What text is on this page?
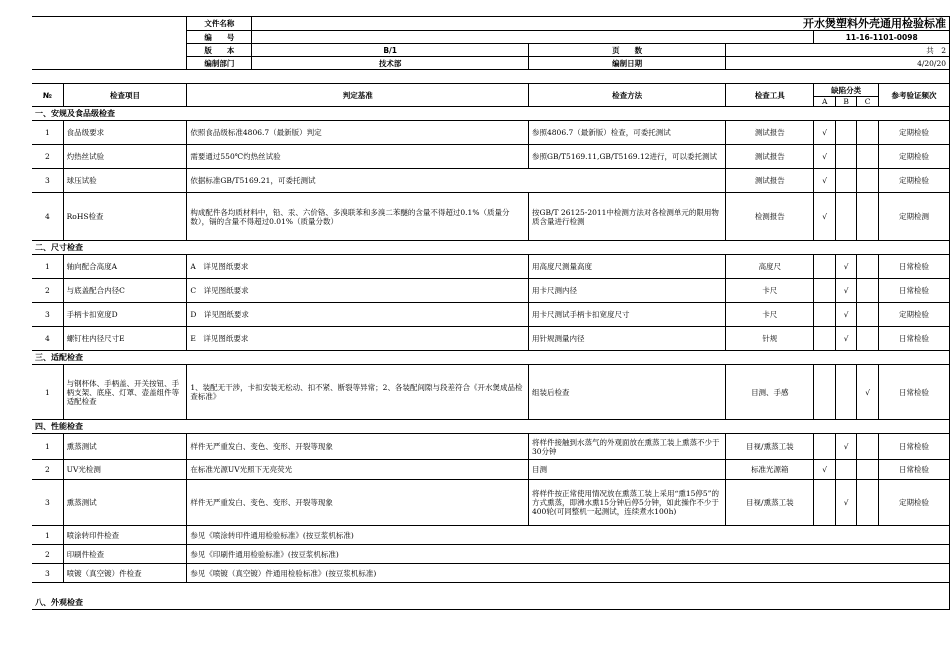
		文件名称	开水煲塑料外壳通用检验标准						
		编　　号				11-16-1101-0098			
		版　　本	B/1	页　　数	共　2				
		编制部门	技术部	编制日期	4/20/20				

№	检查项目	判定基准		检查方法	检查工具	缺陷分类			参考验证频次
						A	B	C	
一、安规及食品级检查									
1	食品级要求	依照食品级标准4806.7（最新版）判定		参照4806.7（最新版）检查，可委托测试	测试报告	√			定期检验
2	灼热丝试验	需要通过550℃灼热丝试验		参照GB/T5169.11,GB/T5169.12进行，可以委托测试	测试报告	√			定期检验
3	球压试验	依据标准GB/T5169.21，可委托测试			测试报告	√			定期检验
4	RoHS检查	构成配件各均质材料中，铅、汞、六价铬、多溴联苯和多溴二苯醚的含量不得超过0.1%（质量分数），镉的含量不得超过0.01%（质量分数）		按GB/T 26125-2011中检测方法对各检测单元的限用物质含量进行检测	检测报告	√			定期检测
二、尺寸检查									
1	轴向配合高度A	A　详见图纸要求		用高度尺测量高度	高度尺		√		日常检验
2	与底盖配合内径C	C　详见图纸要求		用卡尺测内径	卡尺		√		日常检验
3	手柄卡扣宽度D	D　详见图纸要求		用卡尺测试手柄卡扣宽度尺寸	卡尺		√		定期检验
4	螺钉柱内径尺寸E	E　详见图纸要求		用针规测量内径	针规		√		日常检验
三、适配检查									
1	与钢杯体、手柄盖、开关按钮、手柄支架、底座、灯罩、壶盖组件等适配检查	1、装配无干涉，卡扣安装无松动、扣不紧、断裂等异常；2、各装配间隙与段差符合《开水煲成品检查标准》		组装后检查	目测、手感			√	日常检验
四、性能检查									
1	熏蒸测试	样件无严重发白、变色、变形、开裂等现象		将样件接触到水蒸气的外观面放在熏蒸工装上熏蒸不少于30分钟	目视/熏蒸工装		√		日常检验
2	UV光检测	在标准光源UV光照下无亮荧光		目测	标准光源箱	√			日常检验
3	熏蒸测试	样件无严重发白、变色、变形、开裂等现象		将样件按正常使用情况放在熏蒸工装上采用“熏15停5”的方式熏蒸，即沸水熏15分钟后停5分钟，如此操作不少于400轮(可同整机一起测试，连续煮水100h)	目视/熏蒸工装		√		定期检验
1	喷涂转印件检查	参见《喷涂转印件通用检验标准》(按豆浆机标准)							
2	印刷件检查	参见《印刷件通用检验标准》(按豆浆机标准)							
3	喷镀（真空镀）件检查	参见《喷镀（真空镀）件通用检验标准》(按豆浆机标准)							

八、外观检查									
